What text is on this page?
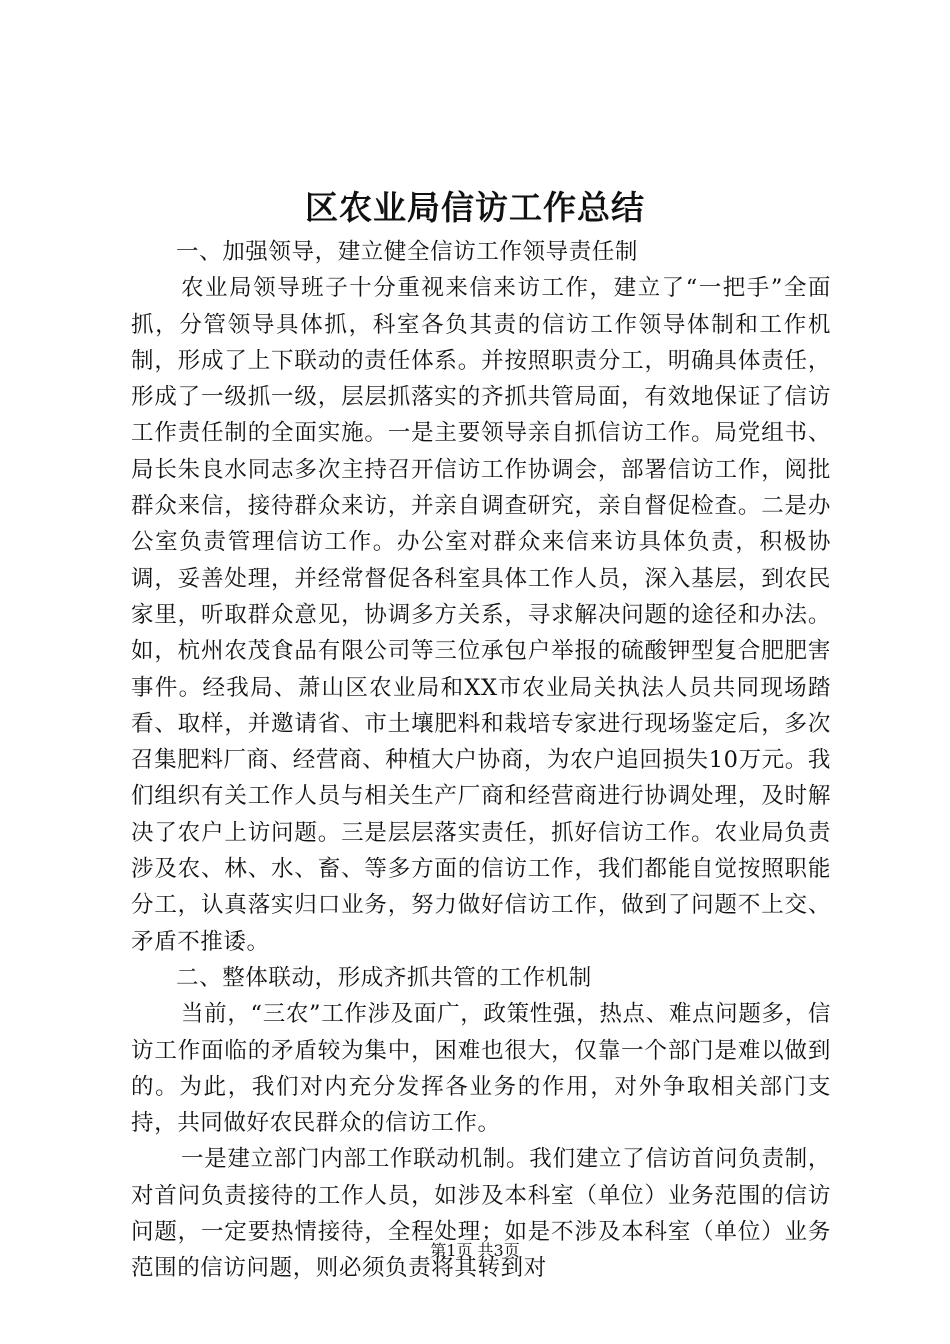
区农业局信访工作总结

一、加强领导，建立健全信访工作领导责任制

农业局领导班子十分重视来信来访工作，建立了“一把手”全面抓，分管领导具体抓，科室各负其责的信访工作领导体制和工作机制，形成了上下联动的责任体系。并按照职责分工，明确具体责任，形成了一级抓一级，层层抓落实的齐抓共管局面，有效地保证了信访工作责任制的全面实施。一是主要领导亲自抓信访工作。局党组书、局长朱良水同志多次主持召开信访工作协调会，部署信访工作，阅批群众来信，接待群众来访，并亲自调查研究，亲自督促检查。二是办公室负责管理信访工作。办公室对群众来信来访具体负责，积极协调，妥善处理，并经常督促各科室具体工作人员，深入基层，到农民家里，听取群众意见，协调多方关系，寻求解决问题的途径和办法。如，杭州农茂食品有限公司等三位承包户举报的硫酸钾型复合肥肥害事件。经我局、萧山区农业局和XX市农业局关执法人员共同现场踏看、取样，并邀请省、市土壤肥料和栽培专家进行现场鉴定后，多次召集肥料厂商、经营商、种植大户协商，为农户追回损失10万元。我们组织有关工作人员与相关生产厂商和经营商进行协调处理，及时解决了农户上访问题。三是层层落实责任，抓好信访工作。农业局负责涉及农、林、水、畜、等多方面的信访工作，我们都能自觉按照职能分工，认真落实归口业务，努力做好信访工作，做到了问题不上交、矛盾不推诿。

二、整体联动，形成齐抓共管的工作机制

当前，“三农”工作涉及面广，政策性强，热点、难点问题多，信访工作面临的矛盾较为集中，困难也很大，仅靠一个部门是难以做到的。为此，我们对内充分发挥各业务的作用，对外争取相关部门支持，共同做好农民群众的信访工作。

一是建立部门内部工作联动机制。我们建立了信访首问负责制，对首问负责接待的工作人员，如涉及本科室（单位）业务范围的信访问题，一定要热情接待，全程处理；如是不涉及本科室（单位）业务范围的信访问题，则必须负责将其转到对

第1页 共3页
